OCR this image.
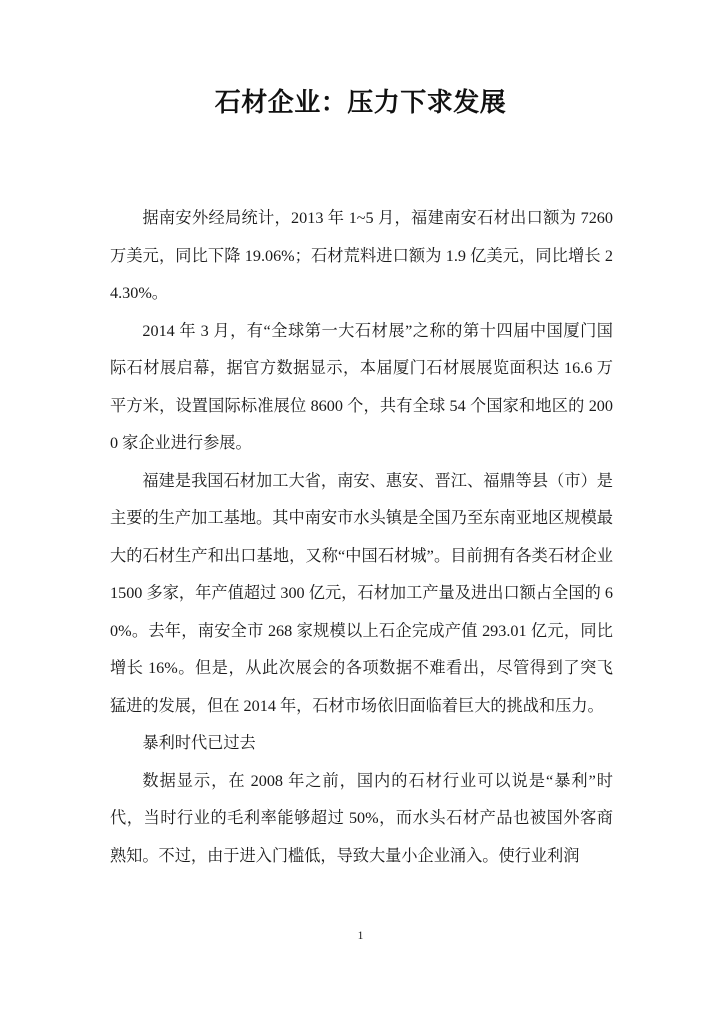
石材企业：压力下求发展

据南安外经局统计，2013 年 1~5 月，福建南安石材出口额为 7260 万美元，同比下降 19.06%；石材荒料进口额为 1.9 亿美元，同比增长 24.30%。

2014 年 3 月，有“全球第一大石材展”之称的第十四届中国厦门国际石材展启幕，据官方数据显示，本届厦门石材展展览面积达 16.6 万平方米，设置国际标准展位 8600 个，共有全球 54 个国家和地区的 2000 家企业进行参展。

福建是我国石材加工大省，南安、惠安、晋江、福鼎等县（市）是主要的生产加工基地。其中南安市水头镇是全国乃至东南亚地区规模最大的石材生产和出口基地，又称“中国石材城”。目前拥有各类石材企业 1500 多家，年产值超过 300 亿元，石材加工产量及进出口额占全国的 60%。去年，南安全市 268 家规模以上石企完成产值 293.01 亿元，同比增长 16%。但是，从此次展会的各项数据不难看出，尽管得到了突飞猛进的发展，但在 2014 年，石材市场依旧面临着巨大的挑战和压力。

暴利时代已过去

数据显示，在 2008 年之前，国内的石材行业可以说是“暴利”时代，当时行业的毛利率能够超过 50%，而水头石材产品也被国外客商熟知。不过，由于进入门槛低，导致大量小企业涌入。使行业利润

1
